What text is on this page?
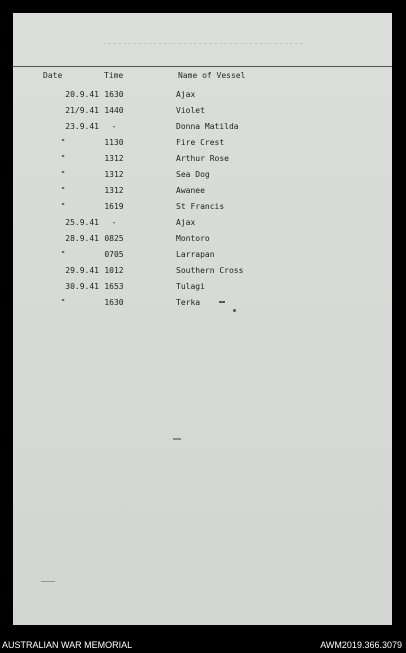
Date	Time	Name of Vessel
20.9.41 1630	Ajax
21/9.41 1440	Violet
23.9.41	-	Donna Matilda
"	1130	Fire Crest
"	1312	Arthur Rose
"	1312	Sea Dog
"	1312	Awanee
"	1619	St Francis
25.9.41	-	Ajax
28.9.41 0825	Montoro
"	0705	Larrapan
29.9.41 1012	Southern Cross
30.9.41 1653	Tulagi
"	1630	Terka
AUSTRALIAN WAR MEMORIAL	AWM2019.366.3079
